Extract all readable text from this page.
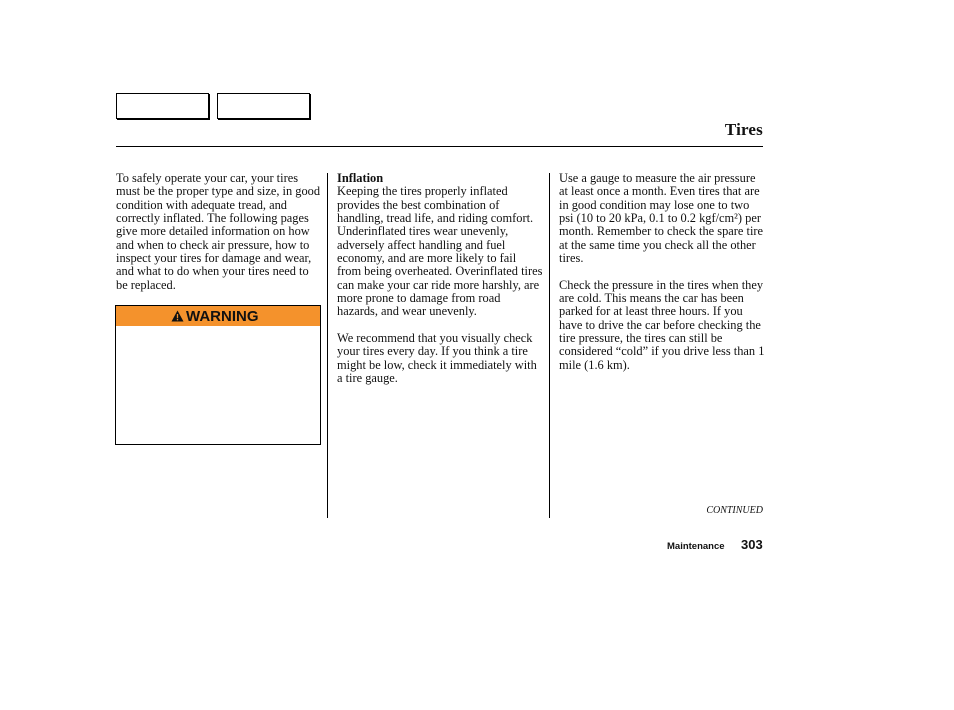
Tires

To safely operate your car, your tires must be the proper type and size, in good condition with adequate tread, and correctly inflated. The following pages give more detailed information on how and when to check air pressure, how to inspect your tires for damage and wear, and what to do when your tires need to be replaced.

WARNING

Inflation

Keeping the tires properly inflated provides the best combination of handling, tread life, and riding comfort. Underinflated tires wear unevenly, adversely affect handling and fuel economy, and are more likely to fail from being overheated. Overinflated tires can make your car ride more harshly, are more prone to damage from road hazards, and wear unevenly.

We recommend that you visually check your tires every day. If you think a tire might be low, check it immediately with a tire gauge.

Use a gauge to measure the air pressure at least once a month. Even tires that are in good condition may lose one to two psi (10 to 20 kPa, 0.1 to 0.2 kgf/cm²) per month. Remember to check the spare tire at the same time you check all the other tires.

Check the pressure in the tires when they are cold. This means the car has been parked for at least three hours. If you have to drive the car before checking the tire pressure, the tires can still be considered “cold” if you drive less than 1 mile (1.6 km).

CONTINUED
Maintenance 303
